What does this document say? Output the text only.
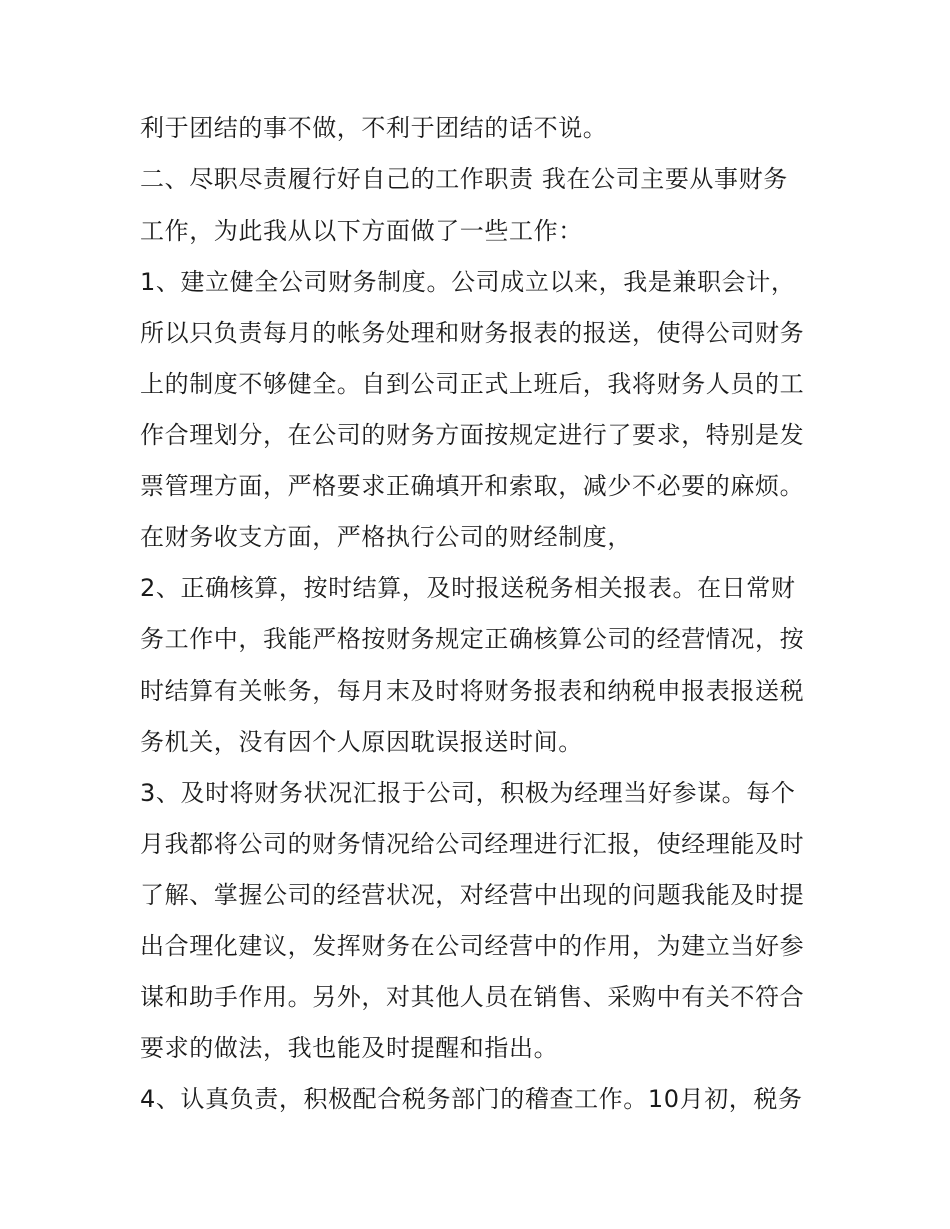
利于团结的事不做，不利于团结的话不说。
二、尽职尽责履行好自己的工作职责 我在公司主要从事财务
工作，为此我从以下方面做了一些工作：
1、建立健全公司财务制度。公司成立以来，我是兼职会计，
所以只负责每月的帐务处理和财务报表的报送，使得公司财务
上的制度不够健全。自到公司正式上班后，我将财务人员的工
作合理划分，在公司的财务方面按规定进行了要求，特别是发
票管理方面，严格要求正确填开和索取，减少不必要的麻烦。
在财务收支方面，严格执行公司的财经制度，
2、正确核算，按时结算，及时报送税务相关报表。在日常财
务工作中，我能严格按财务规定正确核算公司的经营情况，按
时结算有关帐务，每月末及时将财务报表和纳税申报表报送税
务机关，没有因个人原因耽误报送时间。
3、及时将财务状况汇报于公司，积极为经理当好参谋。每个
月我都将公司的财务情况给公司经理进行汇报，使经理能及时
了解、掌握公司的经营状况，对经营中出现的问题我能及时提
出合理化建议，发挥财务在公司经营中的作用，为建立当好参
谋和助手作用。另外，对其他人员在销售、采购中有关不符合
要求的做法，我也能及时提醒和指出。
4、认真负责，积极配合税务部门的稽查工作。10月初，税务
